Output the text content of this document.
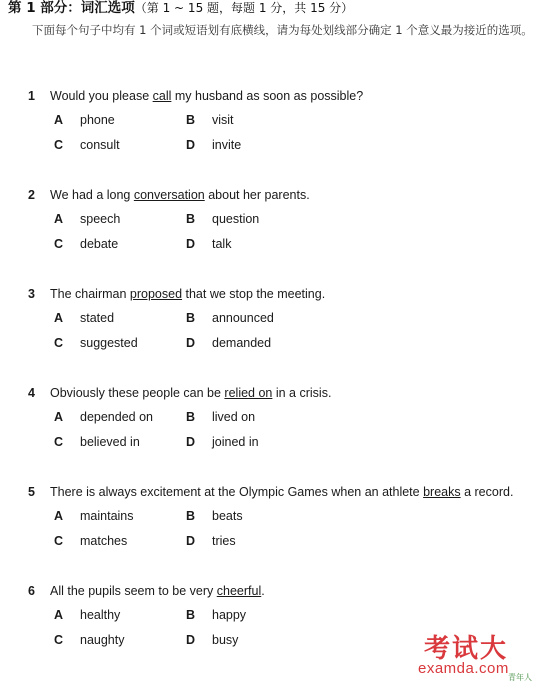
第 1 部分：词汇选项（第 1 ~ 15 题，每题 1 分，共 15 分）
下面每个句子中均有 1 个词或短语划有底横线，请为每处划线部分确定 1 个意义最为接近的选项。
1 Would you please call my husband as soon as possible?
A phone	B visit
C consult	D invite
2 We had a long conversation about her parents.
A speech	B question
C debate	D talk
3 The chairman proposed that we stop the meeting.
A stated	B announced
C suggested	D demanded
4 Obviously these people can be relied on in a crisis.
A depended on	B lived on
C believed in	D joined in
5 There is always excitement at the Olympic Games when an athlete breaks a record.
A maintains	B beats
C matches	D tries
6 All the pupils seem to be very cheerful.
A healthy	B happy
C naughty	D busy	考试大
examda.com
青年人
